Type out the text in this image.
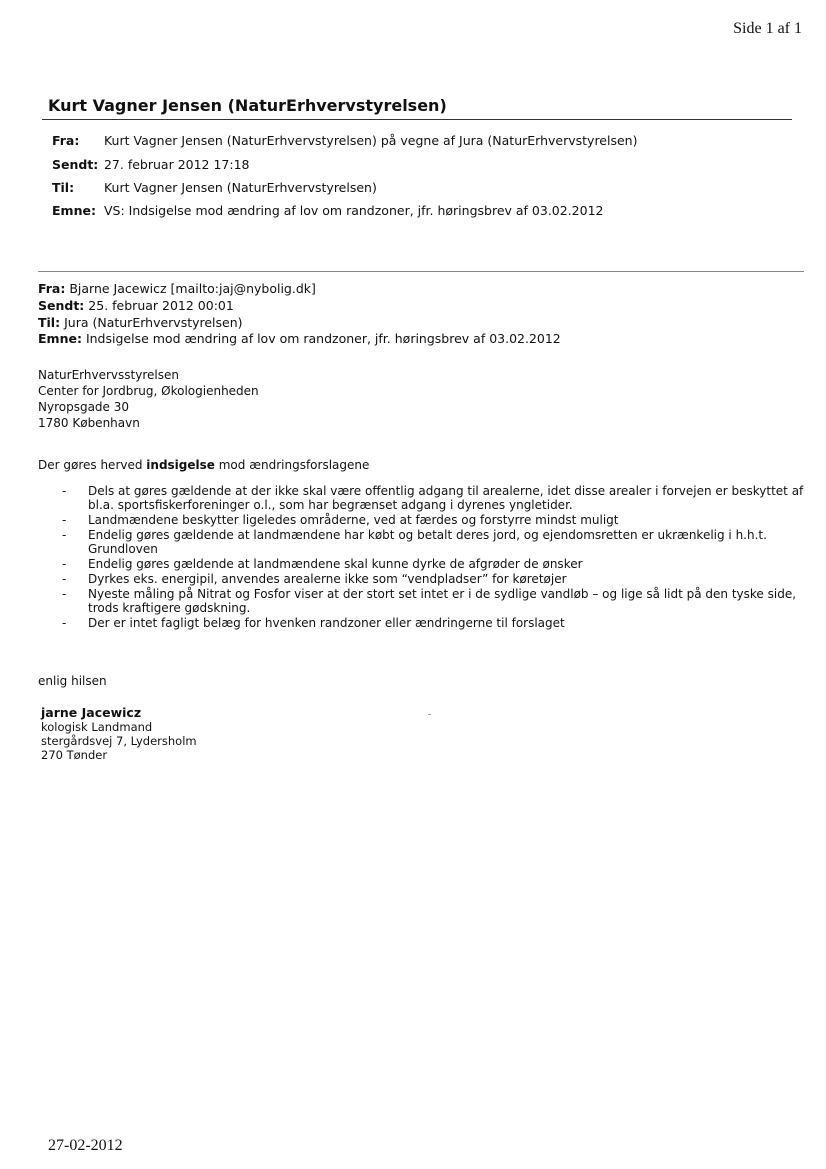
Side 1 af 1
Kurt Vagner Jensen (NaturErhvervstyrelsen)
Fra: Kurt Vagner Jensen (NaturErhvervstyrelsen) på vegne af Jura (NaturErhvervstyrelsen)
Sendt: 27. februar 2012 17:18
Til: Kurt Vagner Jensen (NaturErhvervstyrelsen)
Emne: VS: Indsigelse mod ændring af lov om randzoner, jfr. høringsbrev af 03.02.2012
Fra: Bjarne Jacewicz [mailto:jaj@nybolig.dk]
Sendt: 25. februar 2012 00:01
Til: Jura (NaturErhvervstyrelsen)
Emne: Indsigelse mod ændring af lov om randzoner, jfr. høringsbrev af 03.02.2012
NaturErhvervsstyrelsen
Center for Jordbrug, Økologienheden
Nyropsgade 30
1780 København
Der gøres herved indsigelse mod ændringsforslagene
- Dels at gøres gældende at der ikke skal være offentlig adgang til arealerne, idet disse arealer i forvejen er beskyttet af bl.a. sportsfiskerforeninger o.l., som har begrænset adgang i dyrenes yngletider.
- Landmændene beskytter ligeledes områderne, ved at færdes og forstyrre mindst muligt
- Endelig gøres gældende at landmændene har købt og betalt deres jord, og ejendomsretten er ukrænkelig i h.h.t. Grundloven
- Endelig gøres gældende at landmændene skal kunne dyrke de afgrøder de ønsker
- Dyrkes eks. energipil, anvendes arealerne ikke som “vendpladser” for køretøjer
- Nyeste måling på Nitrat og Fosfor viser at der stort set intet er i de sydlige vandløb – og lige så lidt på den tyske side, trods kraftigere gødskning.
- Der er intet fagligt belæg for hvenken randzoner eller ændringerne til forslaget
enlig hilsen
jarne Jacewicz
kologisk Landmand
stergårdsvej 7, Lydersholm
270 Tønder
27-02-2012
